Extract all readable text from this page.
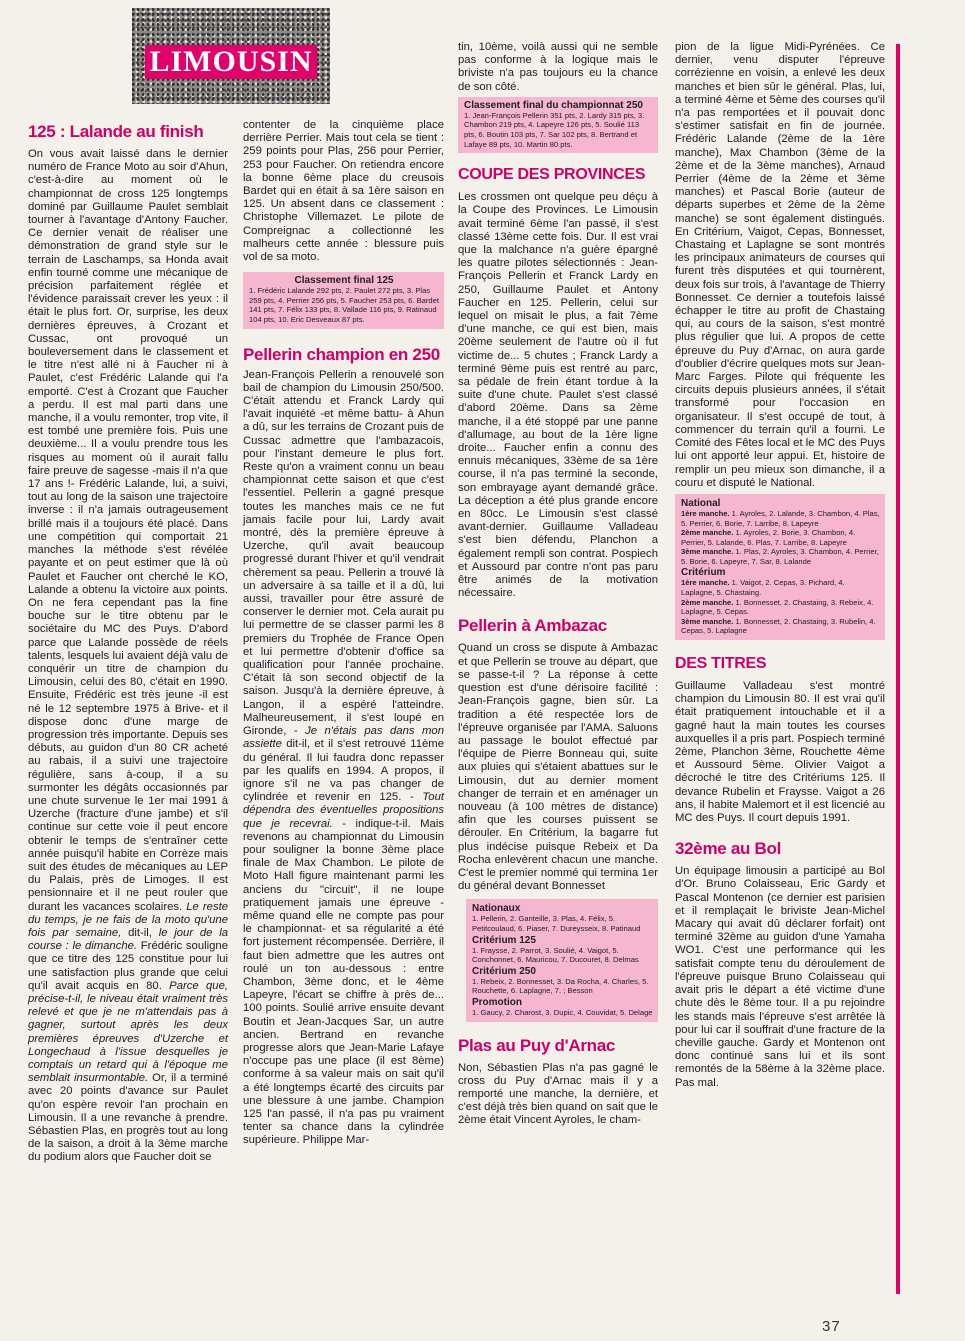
LIMOUSIN
125 : Lalande au finish

On vous avait laissé dans le dernier numéro de France Moto au soir d'Ahun, c'est-à-dire au moment où le championnat de cross 125 longtemps dominé par Guillaume Paulet semblait tourner à l'avantage d'Antony Faucher. Ce dernier venait de réaliser une démonstration de grand style sur le terrain de Laschamps, sa Honda avait enfin tourné comme une mécanique de précision parfaitement réglée et l'évidence paraissait crever les yeux : il était le plus fort. Or, surprise, les deux dernières épreuves, à Crozant et Cussac, ont provoqué un bouleversement dans le classement et le titre n'est allé ni à Faucher ni à Paulet, c'est Frédéric Lalande qui l'a emporté. C'est à Crozant que Faucher a perdu. Il est mal parti dans une manche, il a voulu remonter, trop vite, il est tombé une première fois. Puis une deuxième... Il a voulu prendre tous les risques au moment où il aurait fallu faire preuve de sagesse -mais il n'a que 17 ans !- Frédéric Lalande, lui, a suivi, tout au long de la saison une trajectoire inverse : il n'a jamais outrageusement brillé mais il a toujours été placé. Dans une compétition qui comportait 21 manches la méthode s'est révélée payante et on peut estimer que là où Paulet et Faucher ont cherché le KO, Lalande a obtenu la victoire aux points. On ne fera cependant pas la fine bouche sur le titre obtenu par le sociétaire du MC des Puys. D'abord parce que Lalande possède de réels talents, lesquels lui avaient déjà valu de conquérir un titre de champion du Limousin, celui des 80, c'était en 1990. Ensuite, Frédéric est très jeune -il est né le 12 septembre 1975 à Brive- et il dispose donc d'une marge de progression très importante. Depuis ses débuts, au guidon d'un 80 CR acheté au rabais, il a suivi une trajectoire régulière, sans à-coup, il a su surmonter les dégâts occasionnés par une chute survenue le 1er mai 1991 à Uzerche (fracture d'une jambe) et s'il continue sur cette voie il peut encore obtenir le temps de s'entraîner cette année puisqu'il habite en Corrèze mais suit des études de mécaniques au LEP du Palais, près de Limoges. Il est pensionnaire et il ne peut rouler que durant les vacances scolaires. Le reste du temps, je ne fais de la moto qu'une fois par semaine, dit-il, le jour de la course : le dimanche. Frédéric souligne que ce titre des 125 constitue pour lui une satisfaction plus grande que celui qu'il avait acquis en 80. Parce que, précise-t-il, le niveau était vraiment très relevé et que je ne m'attendais pas à gagner, surtout après les deux premières épreuves d'Uzerche et Longechaud à l'issue desquelles je comptais un retard qui à l'époque me semblait insurmontable. Or, il a terminé avec 20 points d'avance sur Paulet qu'on espère revoir l'an prochain en Limousin. Il a une revanche à prendre. Sébastien Plas, en progrès tout au long de la saison, a droit à la 3ème marche du podium alors que Faucher doit se

contenter de la cinquième place derrière Perrier. Mais tout cela se tient : 259 points pour Plas, 256 pour Perrier, 253 pour Faucher. On retiendra encore la bonne 6ème place du creusois Bardet qui en était à sa 1ère saison en 125. Un absent dans ce classement : Christophe Villemazet. Le pilote de Compreignac a collectionné les malheurs cette année : blessure puis vol de sa moto.

Classement final 125

1. Frédéric Lalande 292 pts, 2. Paulet 272 pts, 3. Plas 259 pts, 4. Perrier 256 pts, 5. Faucher 253 pts, 6. Bardet 141 pts, 7. Félix 133 pts, 8. Vallade 116 pts, 9. Ratinaud 104 pts, 10. Eric Desveaux 87 pts.

Pellerin champion en 250

Jean-François Pellerin a renouvelé son bail de champion du Limousin 250/500. C'était attendu et Franck Lardy qui l'avait inquiété -et même battu- à Ahun a dû, sur les terrains de Crozant puis de Cussac admettre que l'ambazacois, pour l'instant demeure le plus fort. Reste qu'on a vraiment connu un beau championnat cette saison et que c'est l'essentiel. Pellerin a gagné presque toutes les manches mais ce ne fut jamais facile pour lui, Lardy avait montré, dès la première épreuve à Uzerche, qu'il avait beaucoup progressé durant l'hiver et qu'il vendrait chèrement sa peau. Pellerin a trouvé là un adversaire à sa taille et il a dû, lui aussi, travailler pour être assuré de conserver le dernier mot. Cela aurait pu lui permettre de se classer parmi les 8 premiers du Trophée de France Open et lui permettre d'obtenir d'office sa qualification pour l'année prochaine. C'était là son second objectif de la saison. Jusqu'à la dernière épreuve, à Langon, il a espéré l'atteindre. Malheureusement, il s'est loupé en Gironde, - Je n'étais pas dans mon assiette dit-il, et il s'est retrouvé 11ème du général. Il lui faudra donc repasser par les qualifs en 1994. A propos, il ignore s'il ne va pas changer de cylindrée et revenir en 125. - Tout dépendra des éventuelles propositions que je recevrai. - indique-t-il. Mais revenons au championnat du Limousin pour souligner la bonne 3ème place finale de Max Chambon. Le pilote de Moto Hall figure maintenant parmi les anciens du "circuit", il ne loupe pratiquement jamais une épreuve -même quand elle ne compte pas pour le championnat- et sa régularité a été fort justement récompensée. Derrière, il faut bien admettre que les autres ont roulé un ton au-dessous : entre Chambon, 3ème donc, et le 4ème Lapeyre, l'écart se chiffre à près de... 100 points. Soulié arrive ensuite devant Boutin et Jean-Jacques Sar, un autre ancien. Bertrand en revanche progresse alors que Jean-Marie Lafaye n'occupe pas une place (il est 8ème) conforme à sa valeur mais on sait qu'il a été longtemps écarté des circuits par une blessure à une jambe. Champion 125 l'an passé, il n'a pas pu vraiment tenter sa chance dans la cylindrée supérieure. Philippe Mar-

tin, 10ème, voilà aussi qui ne semble pas conforme à la logique mais le briviste n'a pas toujours eu la chance de son côté.

Classement final du championnat 250

1. Jean-François Pellerin 351 pts, 2. Lardy 315 pts, 3. Chambon 219 pts, 4. Lapeyre 126 pts, 5. Soulié 113 pts, 6. Boutin 103 pts, 7. Sar 102 pts, 8. Bertrand et Lafaye 89 pts, 10. Martin 80 pts.

COUPE DES PROVINCES

Les crossmen ont quelque peu déçu à la Coupe des Provinces. Le Limousin avait terminé 6ème l'an passé, il s'est classé 13ème cette fois. Dur. Il est vrai que la malchance n'a guère épargné les quatre pilotes sélectionnés : Jean-François Pellerin et Franck Lardy en 250, Guillaume Paulet et Antony Faucher en 125. Pellerin, celui sur lequel on misait le plus, a fait 7ème d'une manche, ce qui est bien, mais 20ème seulement de l'autre où il fut victime de... 5 chutes ; Franck Lardy a terminé 9ème puis est rentré au parc, sa pédale de frein étant tordue à la suite d'une chute. Paulet s'est classé d'abord 20ème. Dans sa 2ème manche, il a été stoppé par une panne d'allumage, au bout de la 1ère ligne droite... Faucher enfin a connu des ennuis mécaniques, 33ème de sa 1ère course, il n'a pas terminé la seconde, son embrayage ayant demandé grâce. La déception a été plus grande encore en 80cc. Le Limousin s'est classé avant-dernier. Guillaume Valladeau s'est bien défendu, Planchon a également rempli son contrat. Pospiech et Aussourd par contre n'ont pas paru être animés de la motivation nécessaire.

Pellerin à Ambazac

Quand un cross se dispute à Ambazac et que Pellerin se trouve au départ, que se passe-t-il ? La réponse à cette question est d'une dérisoire facilité : Jean-François gagne, bien sûr. La tradition a été respectée lors de l'épreuve organisée par l'AMA. Saluons au passage le boulot effectué par l'équipe de Pierre Bonneau qui, suite aux pluies qui s'étaient abattues sur le Limousin, dut au dernier moment changer de terrain et en aménager un nouveau (à 100 mètres de distance) afin que les courses puissent se dérouler. En Critérium, la bagarre fut plus indécise puisque Rebeix et Da Rocha enlevèrent chacun une manche. C'est le premier nommé qui termina 1er du général devant Bonnesset

Nationaux

1. Pellerin, 2. Ganteille, 3. Plas, 4. Félix, 5. Petitcoulaud, 6. Piaser, 7. Dureysseix, 8. Patinaud

Critérium 125

1. Fraysse, 2. Parrot, 3. Soulié, 4. Vaigot, 5. Conchonnet, 6. Mauricou, 7. Ducouret, 8. Delmas

Critérium 250

1. Rebeix, 2. Bonnesset, 3. Da Rocha, 4. Charles, 5. Rouchette, 6. Laplagne, 7. ; Besson

Promotion

1. Gaucy, 2. Charost, 3. Dupic, 4. Couvidat, 5. Delage

Plas au Puy d'Arnac

Non, Sébastien Plas n'a pas gagné le cross du Puy d'Arnac mais il y a remporté une manche, la dernière, et c'est déjà très bien quand on sait que le 2ème était Vincent Ayroles, le cham-

pion de la ligue Midi-Pyrénées. Ce dernier, venu disputer l'épreuve corrézienne en voisin, a enlevé les deux manches et bien sûr le général. Plas, lui, a terminé 4ème et 5ème des courses qu'il n'a pas remportées et il pouvait donc s'estimer satisfait en fin de journée. Frédéric Lalande (2ème de la 1ère manche), Max Chambon (3ème de la 2ème et de la 3ème manches), Arnaud Perrier (4ème de la 2ème et 3ème manches) et Pascal Borie (auteur de départs superbes et 2ème de la 2ème manche) se sont également distingués. En Critérium, Vaigot, Cepas, Bonnesset, Chastaing et Laplagne se sont montrés les principaux animateurs de courses qui furent très disputées et qui tournèrent, deux fois sur trois, à l'avantage de Thierry Bonnesset. Ce dernier a toutefois laissé échapper le titre au profit de Chastaing qui, au cours de la saison, s'est montré plus régulier que lui. A propos de cette épreuve du Puy d'Arnac, on aura garde d'oublier d'écrire quelques mots sur Jean-Marc Farges. Pilote qui fréquente les circuits depuis plusieurs années, il s'était transformé pour l'occasion en organisateur. Il s'est occupé de tout, à commencer du terrain qu'il a fourni. Le Comité des Fêtes local et le MC des Puys lui ont apporté leur appui. Et, histoire de remplir un peu mieux son dimanche, il a couru et disputé le National.

National

1ère manche. 1. Ayroles, 2. Lalande, 3. Chambon, 4. Plas, 5. Perrier, 6. Borie, 7. Larribe, 8. Lapeyre

2ème manche. 1. Ayroles, 2. Borie, 3. Chambon, 4. Perrier, 5. Lalande, 6. Plas, 7. Larribe, 8. Lapeyre

3ème manche. 1. Plas, 2. Ayroles, 3. Chambon, 4. Perrier, 5. Borie, 6. Lapeyre, 7. Sar, 8. Lalande

Critérium

1ère manche. 1. Vaigot, 2. Cepas, 3. Pichard, 4. Laplagne, 5. Chastaing.

2ème manche. 1. Bonnesset, 2. Chastaing, 3. Rebeix, 4. Laplagne, 5. Cepas.

3ème manche. 1. Bonnesset, 2. Chastaing, 3. Rubelin, 4. Cepas, 5. Laplagne

DES TITRES

Guillaume Valladeau s'est montré champion du Limousin 80. Il est vrai qu'il était pratiquement intouchable et il a gagné haut la main toutes les courses auxquelles il a pris part. Pospiech terminé 2ème, Planchon 3ème, Rouchette 4ème et Aussourd 5ème. Olivier Vaigot a décroché le titre des Critériums 125. Il devance Rubelin et Fraysse. Vaigot a 26 ans, il habite Malemort et il est licencié au MC des Puys. Il court depuis 1991.

32ème au Bol

Un équipage limousin a participé au Bol d'Or. Bruno Colaisseau, Eric Gardy et Pascal Montenon (ce dernier est parisien et il remplaçait le briviste Jean-Michel Macary qui avait dû déclarer forfait) ont terminé 32ème au guidon d'une Yamaha WO1. C'est une performance qui les satisfait compte tenu du déroulement de l'épreuve puisque Bruno Colaisseau qui avait pris le départ a été victime d'une chute dès le 8ème tour. Il a pu rejoindre les stands mais l'épreuve s'est arrêtée là pour lui car il souffrait d'une fracture de la cheville gauche. Gardy et Montenon ont donc continué sans lui et ils sont remontés de la 58ème à la 32ème place. Pas mal.

37
